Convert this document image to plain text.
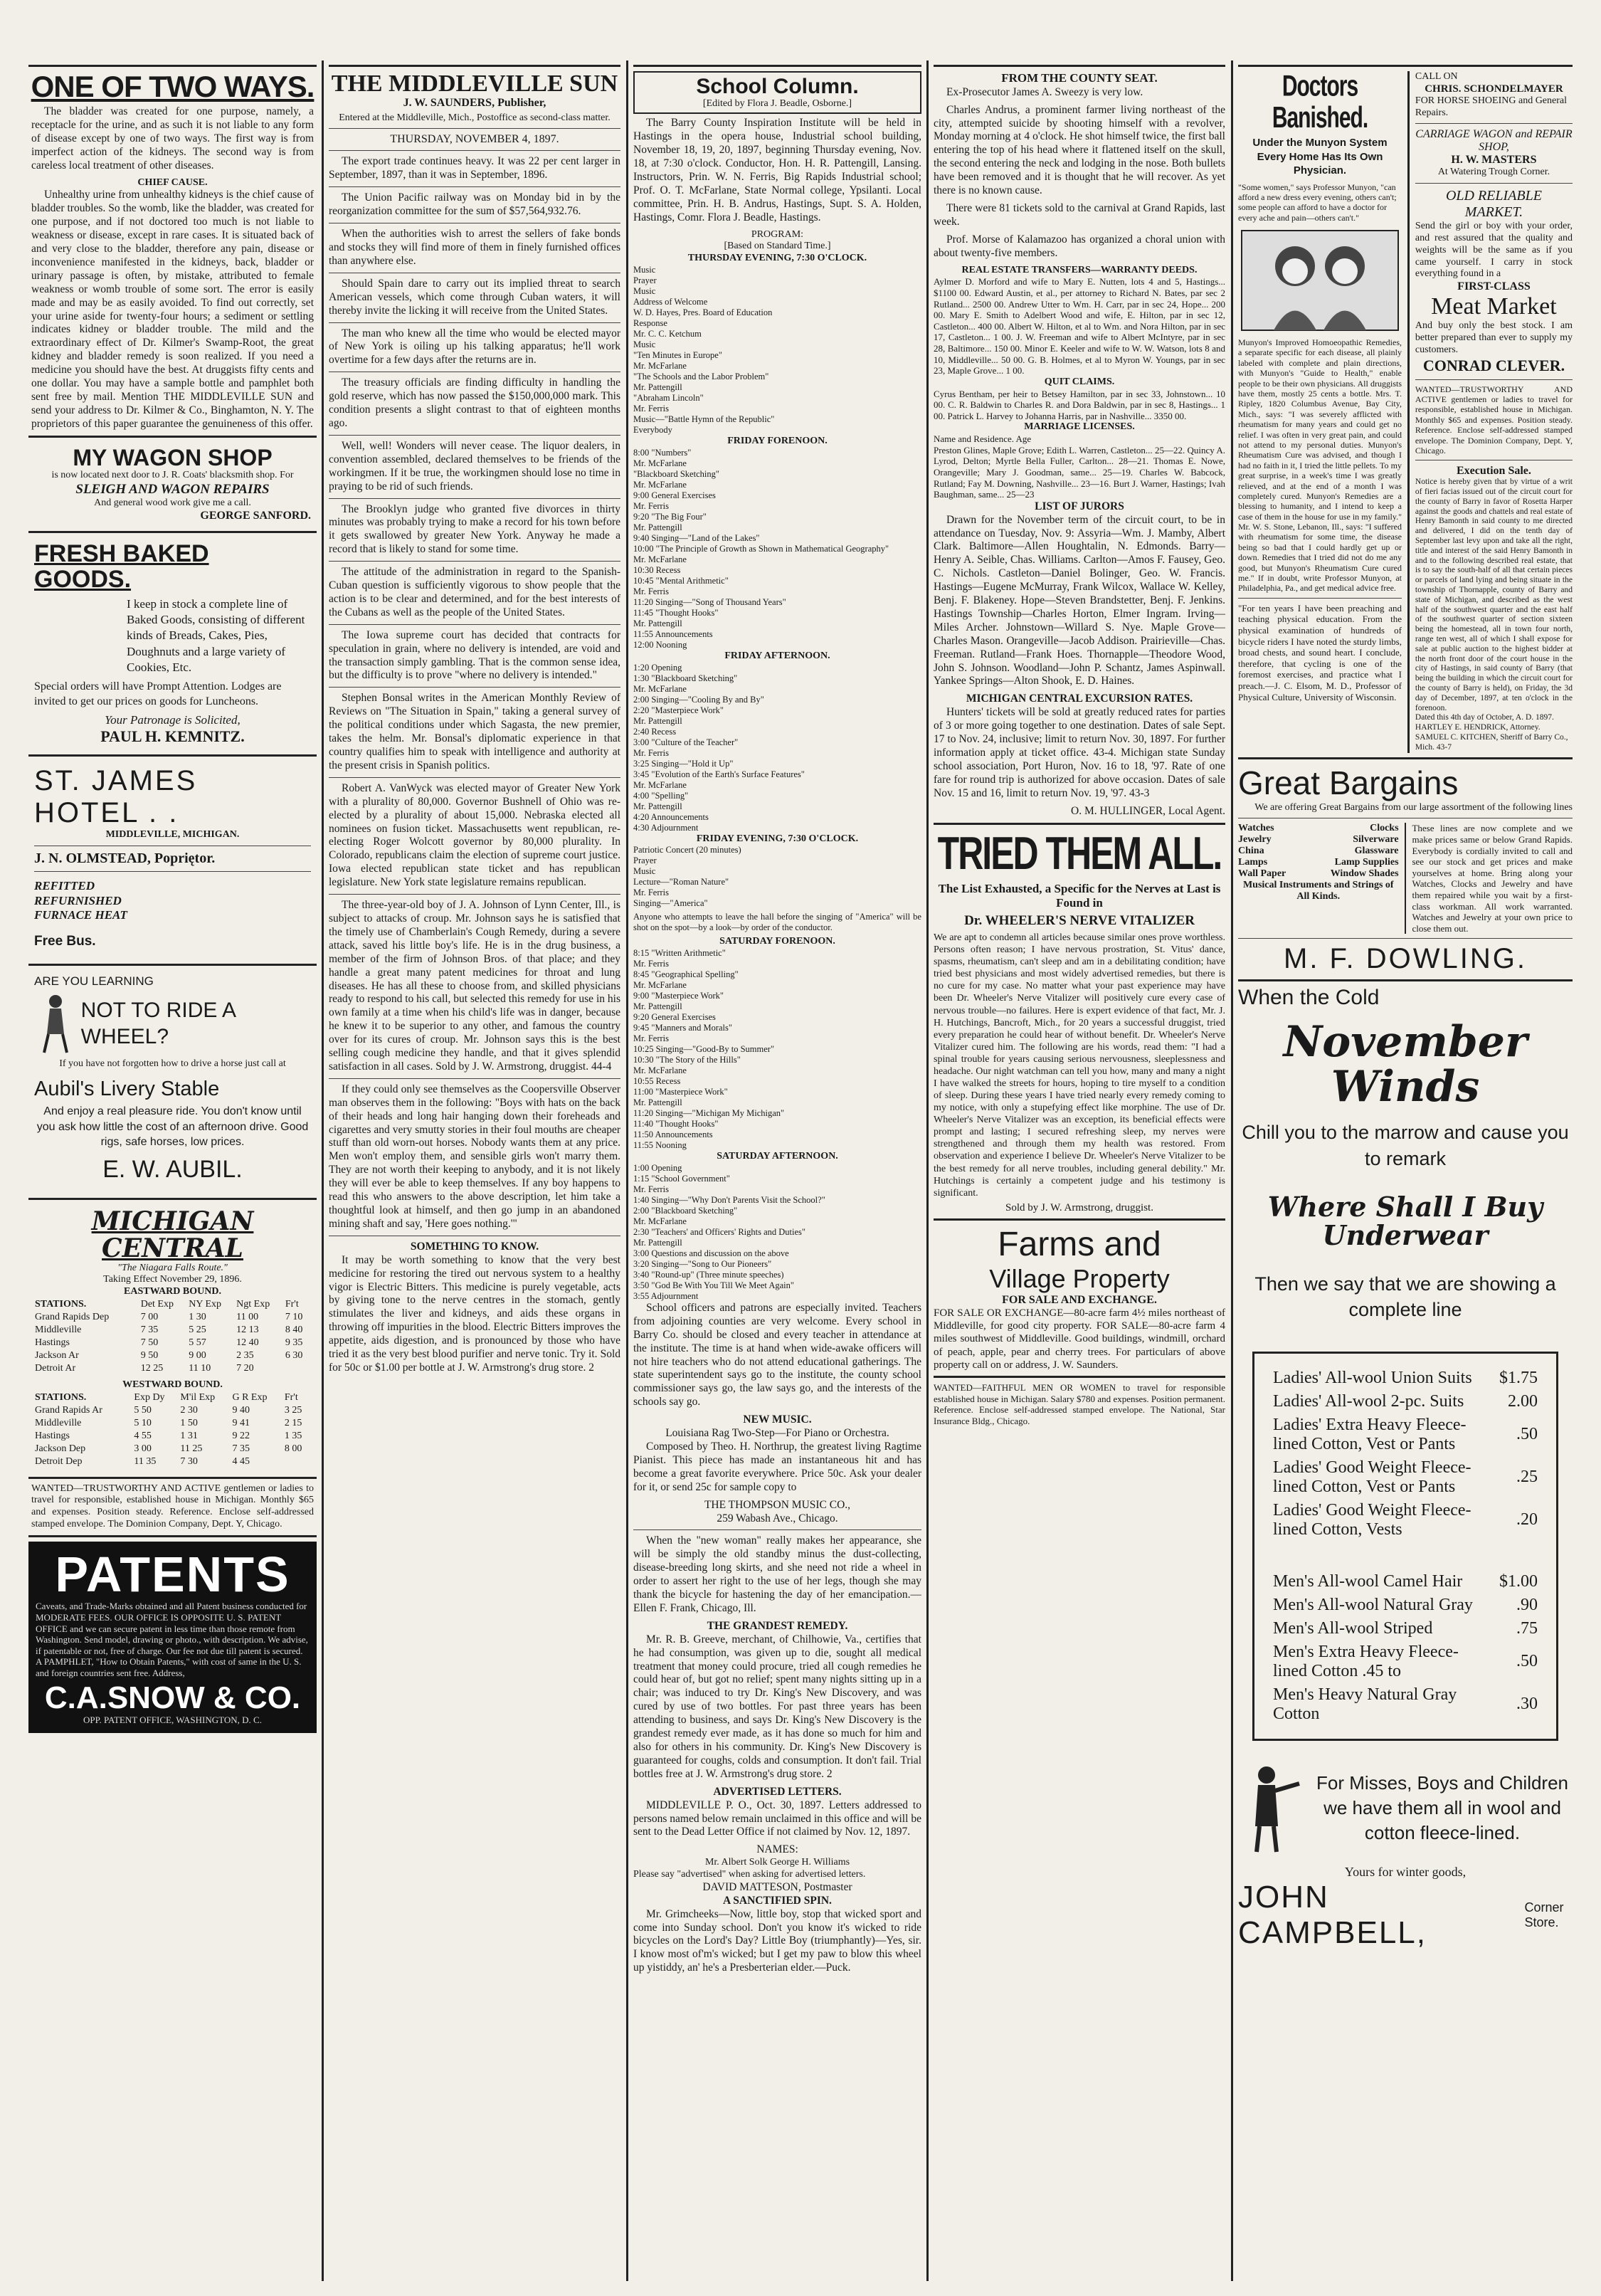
ONE OF TWO WAYS.

The bladder was created for one purpose, namely, a receptacle for the urine, and as such it is not liable to any form of disease except by one of two ways. The first way is from imperfect action of the kidneys. The second way is from careless local treatment of other diseases.

CHIEF CAUSE.

Unhealthy urine from unhealthy kidneys is the chief cause of bladder troubles. So the womb, like the bladder, was created for one purpose, and if not doctored too much is not liable to weakness or disease, except in rare cases. It is situated back of and very close to the bladder, therefore any pain, disease or inconvenience manifested in the kidneys, back, bladder or urinary passage is often, by mistake, attributed to female weakness or womb trouble of some sort. The error is easily made and may be as easily avoided. To find out correctly, set your urine aside for twenty-four hours; a sediment or settling indicates kidney or bladder trouble. The mild and the extraordinary effect of Dr. Kilmer's Swamp-Root, the great kidney and bladder remedy is soon realized. If you need a medicine you should have the best. At druggists fifty cents and one dollar. You may have a sample bottle and pamphlet both sent free by mail. Mention THE MIDDLEVILLE SUN and send your address to Dr. Kilmer & Co., Binghamton, N. Y. The proprietors of this paper guarantee the genuineness of this offer.

MY WAGON SHOP
is now located next door to J. R. Coats' blacksmith shop. For
SLEIGH AND WAGON REPAIRS
And general wood work give me a call.
GEORGE SANFORD.
FRESH BAKED GOODS.
I keep in stock a complete line of Baked Goods, consisting of different kinds of Breads, Cakes, Pies, Doughnuts and a large variety of Cookies, Etc.
Special orders will have Prompt Attention. Lodges are invited to get our prices on goods for Luncheons.
Your Patronage is Solicited,
PAUL H. KEMNITZ.
ST. JAMES
HOTEL . .
MIDDLEVILLE, MICHIGAN.
J. N. OLMSTEAD, Popriętor.
REFITTED
REFURNISHED
FURNACE HEAT
Free Bus.
ARE YOU LEARNING
NOT TO RIDE A WHEEL?
If you have not forgotten how to drive a horse just call at
Aubil's Livery Stable
And enjoy a real pleasure ride. You don't know until you ask how little the cost of an afternoon drive. Good rigs, safe horses, low prices.
E. W. AUBIL.
MICHIGAN CENTRAL
"The Niagara Falls Route."
Taking Effect November 29, 1896.
EASTWARD BOUND.
STATIONS.	Det Exp	NY Exp	Ngt Exp	Fr't
Grand Rapids Dep	7 00	1 30	11 00	7 10
Middleville	7 35	5 25	12 13	8 40
Hastings	7 50	5 57	12 40	9 35
Jackson Ar	9 50	9 00	2 35	6 30
Detroit Ar	12 25	11 10	7 20	
WESTWARD BOUND.
STATIONS.	Exp Dy	M'il Exp	G R Exp	Fr't
Grand Rapids Ar	5 50	2 30	9 40	3 25
Middleville	5 10	1 50	9 41	2 15
Hastings	4 55	1 31	9 22	1 35
Jackson Dep	3 00	11 25	7 35	8 00
Detroit Dep	11 35	7 30	4 45	
WANTED—TRUSTWORTHY AND ACTIVE gentlemen or ladies to travel for responsible, established house in Michigan. Monthly $65 and expenses. Position steady. Reference. Enclose self-addressed stamped envelope. The Dominion Company, Dept. Y, Chicago.
PATENTS
Caveats, and Trade-Marks obtained and all Patent business conducted for MODERATE FEES. OUR OFFICE IS OPPOSITE U. S. PATENT OFFICE and we can secure patent in less time than those remote from Washington. Send model, drawing or photo., with description. We advise, if patentable or not, free of charge. Our fee not due till patent is secured. A PAMPHLET, "How to Obtain Patents," with cost of same in the U. S. and foreign countries sent free. Address,
C.A.SNOW & CO.
OPP. PATENT OFFICE, WASHINGTON, D. C.
THE MIDDLEVILLE SUN
J. W. SAUNDERS, Publisher,
Entered at the Middleville, Mich., Postoffice as second-class matter.
THURSDAY, NOVEMBER 4, 1897.

The export trade continues heavy. It was 22 per cent larger in September, 1897, than it was in September, 1896.

The Union Pacific railway was on Monday bid in by the reorganization committee for the sum of $57,564,932.76.

When the authorities wish to arrest the sellers of fake bonds and stocks they will find more of them in finely furnished offices than anywhere else.

Should Spain dare to carry out its implied threat to search American vessels, which come through Cuban waters, it will thereby invite the licking it will receive from the United States.

The man who knew all the time who would be elected mayor of New York is oiling up his talking apparatus; he'll work overtime for a few days after the returns are in.

The treasury officials are finding difficulty in handling the gold reserve, which has now passed the $150,000,000 mark. This condition presents a slight contrast to that of eighteen months ago.

Well, well! Wonders will never cease. The liquor dealers, in convention assembled, declared themselves to be friends of the workingmen. If it be true, the workingmen should lose no time in praying to be rid of such friends.

The Brooklyn judge who granted five divorces in thirty minutes was probably trying to make a record for his town before it gets swallowed by greater New York. Anyway he made a record that is likely to stand for some time.

The attitude of the administration in regard to the Spanish-Cuban question is sufficiently vigorous to show people that the action is to be clear and determined, and for the best interests of the Cubans as well as the people of the United States.

The Iowa supreme court has decided that contracts for speculation in grain, where no delivery is intended, are void and the transaction simply gambling. That is the common sense idea, but the difficulty is to prove "where no delivery is intended."

Stephen Bonsal writes in the American Monthly Review of Reviews on "The Situation in Spain," taking a general survey of the political conditions under which Sagasta, the new premier, takes the helm. Mr. Bonsal's diplomatic experience in that country qualifies him to speak with intelligence and authority at the present crisis in Spanish politics.

Robert A. VanWyck was elected mayor of Greater New York with a plurality of 80,000. Governor Bushnell of Ohio was re-elected by a plurality of about 15,000. Nebraska elected all nominees on fusion ticket. Massachusetts went republican, re-electing Roger Wolcott governor by 80,000 plurality. In Colorado, republicans claim the election of supreme court justice. Iowa elected republican state ticket and has republican legislature. New York state legislature remains republican.

The three-year-old boy of J. A. Johnson of Lynn Center, Ill., is subject to attacks of croup. Mr. Johnson says he is satisfied that the timely use of Chamberlain's Cough Remedy, during a severe attack, saved his little boy's life. He is in the drug business, a member of the firm of Johnson Bros. of that place; and they handle a great many patent medicines for throat and lung diseases. He has all these to choose from, and skilled physicians ready to respond to his call, but selected this remedy for use in his own family at a time when his child's life was in danger, because he knew it to be superior to any other, and famous the country over for its cures of croup. Mr. Johnson says this is the best selling cough medicine they handle, and that it gives splendid satisfaction in all cases. Sold by J. W. Armstrong, druggist. 44-4

If they could only see themselves as the Coopersville Observer man observes them in the following: "Boys with hats on the back of their heads and long hair hanging down their foreheads and cigarettes and very smutty stories in their foul mouths are cheaper stuff than old worn-out horses. Nobody wants them at any price. Men won't employ them, and sensible girls won't marry them. They are not worth their keeping to anybody, and it is not likely they will ever be able to keep themselves. If any boy happens to read this who answers to the above description, let him take a thoughtful look at himself, and then go jump in an abandoned mining shaft and say, 'Here goes nothing.'"

SOMETHING TO KNOW.

It may be worth something to know that the very best medicine for restoring the tired out nervous system to a healthy vigor is Electric Bitters. This medicine is purely vegetable, acts by giving tone to the nerve centres in the stomach, gently stimulates the liver and kidneys, and aids these organs in throwing off impurities in the blood. Electric Bitters improves the appetite, aids digestion, and is pronounced by those who have tried it as the very best blood purifier and nerve tonic. Try it. Sold for 50c or $1.00 per bottle at J. W. Armstrong's drug store. 2

School Column.
[Edited by Flora J. Beadle, Osborne.]

The Barry County Inspiration Institute will be held in Hastings in the opera house, Industrial school building, November 18, 19, 20, 1897, beginning Thursday evening, Nov. 18, at 7:30 o'clock. Conductor, Hon. H. R. Pattengill, Lansing. Instructors, Prin. W. N. Ferris, Big Rapids Industrial school; Prof. O. T. McFarlane, State Normal college, Ypsilanti. Local committee, Prin. H. B. Andrus, Hastings, Supt. S. A. Holden, Hastings, Comr. Flora J. Beadle, Hastings.

PROGRAM:
[Based on Standard Time.]
THURSDAY EVENING, 7:30 O'CLOCK.
Music
Prayer
Music
Address of Welcome
W. D. Hayes, Pres. Board of Education
Response
Mr. C. C. Ketchum
Music
"Ten Minutes in Europe"
Mr. McFarlane
"The Schools and the Labor Problem"
Mr. Pattengill
"Abraham Lincoln"
Mr. Ferris
Music—"Battle Hymn of the Republic"
Everybody
FRIDAY FORENOON.
8:00 "Numbers"
Mr. McFarlane
"Blackboard Sketching"
Mr. McFarlane
9:00 General Exercises
Mr. Ferris
9:20 "The Big Four"
Mr. Pattengill
9:40 Singing—"Land of the Lakes"
10:00 "The Principle of Growth as Shown in Mathematical Geography"
Mr. McFarlane
10:30 Recess
10:45 "Mental Arithmetic"
Mr. Ferris
11:20 Singing—"Song of Thousand Years"
11:45 "Thought Hooks"
Mr. Pattengill
11:55 Announcements
12:00 Nooning
FRIDAY AFTERNOON.
1:20 Opening
1:30 "Blackboard Sketching"
Mr. McFarlane
2:00 Singing—"Cooling By and By"
2:20 "Masterpiece Work"
Mr. Pattengill
2:40 Recess
3:00 "Culture of the Teacher"
Mr. Ferris
3:25 Singing—"Hold it Up"
3:45 "Evolution of the Earth's Surface Features"
Mr. McFarlane
4:00 "Spelling"
Mr. Pattengill
4:20 Announcements
4:30 Adjournment
FRIDAY EVENING, 7:30 O'CLOCK.
Patriotic Concert (20 minutes)
Prayer
Music
Lecture—"Roman Nature"
Mr. Ferris
Singing—"America"
Anyone who attempts to leave the hall before the singing of "America" will be shot on the spot—by a look—by order of the conductor.
SATURDAY FORENOON.
8:15 "Written Arithmetic"
Mr. Ferris
8:45 "Geographical Spelling"
Mr. McFarlane
9:00 "Masterpiece Work"
Mr. Pattengill
9:20 General Exercises
9:45 "Manners and Morals"
Mr. Ferris
10:25 Singing—"Good-By to Summer"
10:30 "The Story of the Hills"
Mr. McFarlane
10:55 Recess
11:00 "Masterpiece Work"
Mr. Pattengill
11:20 Singing—"Michigan My Michigan"
11:40 "Thought Hooks"
11:50 Announcements
11:55 Nooning
SATURDAY AFTERNOON.
1:00 Opening
1:15 "School Government"
Mr. Ferris
1:40 Singing—"Why Don't Parents Visit the School?"
2:00 "Blackboard Sketching"
Mr. McFarlane
2:30 "Teachers' and Officers' Rights and Duties"
Mr. Pattengill
3:00 Questions and discussion on the above
3:20 Singing—"Song to Our Pioneers"
3:40 "Round-up" (Three minute speeches)
3:50 "God Be With You Till We Meet Again"
3:55 Adjournment

School officers and patrons are especially invited. Teachers from adjoining counties are very welcome. Every school in Barry Co. should be closed and every teacher in attendance at the institute. The time is at hand when wide-awake officers will not hire teachers who do not attend educational gatherings. The state superintendent says go to the institute, the county school commissioner says go, the law says go, and the interests of the schools say go.

NEW MUSIC.
Louisiana Rag Two-Step—For Piano or Orchestra.

Composed by Theo. H. Northrup, the greatest living Ragtime Pianist. This piece has made an instantaneous hit and has become a great favorite everywhere. Price 50c. Ask your dealer for it, or send 25c for sample copy to

THE THOMPSON MUSIC CO.,
259 Wabash Ave., Chicago.

When the "new woman" really makes her appearance, she will be simply the old standby minus the dust-collecting, disease-breeding long skirts, and she need not ride a wheel in order to assert her right to the use of her legs, though she may thank the bicycle for hastening the day of her emancipation.—Ellen F. Frank, Chicago, Ill.

THE GRANDEST REMEDY.

Mr. R. B. Greeve, merchant, of Chilhowie, Va., certifies that he had consumption, was given up to die, sought all medical treatment that money could procure, tried all cough remedies he could hear of, but got no relief; spent many nights sitting up in a chair; was induced to try Dr. King's New Discovery, and was cured by use of two bottles. For past three years has been attending to business, and says Dr. King's New Discovery is the grandest remedy ever made, as it has done so much for him and also for others in his community. Dr. King's New Discovery is guaranteed for coughs, colds and consumption. It don't fail. Trial bottles free at J. W. Armstrong's drug store. 2

ADVERTISED LETTERS.

MIDDLEVILLE P. O., Oct. 30, 1897. Letters addressed to persons named below remain unclaimed in this office and will be sent to the Dead Letter Office if not claimed by Nov. 12, 1897.

NAMES:
Mr. Albert Solk George H. Williams
Please say "advertised" when asking for advertised letters.
DAVID MATTESON, Postmaster
A SANCTIFIED SPIN.

Mr. Grimcheeks—Now, little boy, stop that wicked sport and come into Sunday school. Don't you know it's wicked to ride bicycles on the Lord's Day? Little Boy (triumphantly)—Yes, sir. I know most of'm's wicked; but I get my paw to blow this wheel up yistiddy, an' he's a Presberterian elder.—Puck.

FROM THE COUNTY SEAT.

Ex-Prosecutor James A. Sweezy is very low.

Charles Andrus, a prominent farmer living northeast of the city, attempted suicide by shooting himself with a revolver, Monday morning at 4 o'clock. He shot himself twice, the first ball entering the top of his head where it flattened itself on the skull, the second entering the neck and lodging in the nose. Both bullets have been removed and it is thought that he will recover. As yet there is no known cause.

There were 81 tickets sold to the carnival at Grand Rapids, last week.

Prof. Morse of Kalamazoo has organized a choral union with about twenty-five members.

REAL ESTATE TRANSFERS—WARRANTY DEEDS.
Aylmer D. Morford and wife to Mary E. Nutten, lots 4 and 5, Hastings... $1100 00. Edward Austin, et al., per attorney to Richard N. Bates, par sec 2 Rutland... 2500 00. Andrew Utter to Wm. H. Carr, par in sec 24, Hope... 200 00. Mary E. Smith to Adelbert Wood and wife, E. Hilton, par in sec 12, Castleton... 400 00. Albert W. Hilton, et al to Wm. and Nora Hilton, par in sec 17, Castleton... 1 00. J. W. Freeman and wife to Albert McIntyre, par in sec 28, Baltimore... 150 00. Minor E. Keeler and wife to W. W. Watson, lots 8 and 10, Middleville... 50 00. G. B. Holmes, et al to Myron W. Youngs, par in sec 23, Maple Grove... 1 00.
QUIT CLAIMS.
Cyrus Bentham, per heir to Betsey Hamilton, par in sec 33, Johnstown... 10 00. C. R. Baldwin to Charles R. and Dora Baldwin, par in sec 8, Hastings... 1 00. Patrick L. Harvey to Johanna Harris, par in Nashville... 3350 00.
MARRIAGE LICENSES.
Name and Residence. Age
Preston Glines, Maple Grove; Edith L. Warren, Castleton... 25—22. Quincy A. Lyrod, Delton; Myrtle Bella Fuller, Carlton... 28—21. Thomas E. Nowe, Orangeville; Mary J. Goodman, same... 25—19. Charles W. Babcock, Rutland; Fay M. Downing, Nashville... 23—16. Burt J. Warner, Hastings; Ivah Baughman, same... 25—23
LIST OF JURORS

Drawn for the November term of the circuit court, to be in attendance on Tuesday, Nov. 9: Assyria—Wm. J. Mamby, Albert Clark. Baltimore—Allen Houghtalin, N. Edmonds. Barry—Henry A. Seible, Chas. Williams. Carlton—Amos F. Fausey, Geo. C. Nichols. Castleton—Daniel Bolinger, Geo. W. Francis. Hastings—Eugene McMurray, Frank Wilcox, Wallace W. Kelley, Benj. F. Blakeney. Hope—Steven Brandstetter, Benj. F. Jenkins. Hastings Township—Charles Horton, Elmer Ingram. Irving—Miles Archer. Johnstown—Willard S. Nye. Maple Grove—Charles Mason. Orangeville—Jacob Addison. Prairieville—Chas. Freeman. Rutland—Frank Hoes. Thornapple—Theodore Wood, John S. Johnson. Woodland—John P. Schantz, James Aspinwall. Yankee Springs—Alton Shook, E. D. Haines.

MICHIGAN CENTRAL EXCURSION RATES.

Hunters' tickets will be sold at greatly reduced rates for parties of 3 or more going together to one destination. Dates of sale Sept. 17 to Nov. 24, inclusive; limit to return Nov. 30, 1897. For further information apply at ticket office. 43-4. Michigan state Sunday school association, Port Huron, Nov. 16 to 18, '97. Rate of one fare for round trip is authorized for above occasion. Dates of sale Nov. 15 and 16, limit to return Nov. 19, '97. 43-3

O. M. HULLINGER, Local Agent.
TRIED THEM ALL.
The List Exhausted, a Specific for the Nerves at Last is Found in
Dr. WHEELER'S NERVE VITALIZER
We are apt to condemn all articles because similar ones prove worthless. Persons often reason; I have nervous prostration, St. Vitus' dance, spasms, rheumatism, can't sleep and am in a debilitating condition; have tried best physicians and most widely advertised remedies, but there is no cure for my case. No matter what your past experience may have been Dr. Wheeler's Nerve Vitalizer will positively cure every case of nervous trouble—no failures. Here is expert evidence of that fact, Mr. J. H. Hutchings, Bancroft, Mich., for 20 years a successful druggist, tried every preparation he could hear of without benefit. Dr. Wheeler's Nerve Vitalizer cured him. The following are his words, read them: "I had a spinal trouble for years causing serious nervousness, sleeplessness and headache. Our night watchman can tell you how, many and many a night I have walked the streets for hours, hoping to tire myself to a condition of sleep. During these years I have tried nearly every remedy coming to my notice, with only a stupefying effect like morphine. The use of Dr. Wheeler's Nerve Vitalizer was an exception, its beneficial effects were prompt and lasting; I secured refreshing sleep, my nerves were strengthened and through them my health was restored. From observation and experience I believe Dr. Wheeler's Nerve Vitalizer to be the best remedy for all nerve troubles, including general debility." Mr. Hutchings is certainly a competent judge and his testimony is significant.
Sold by J. W. Armstrong, druggist.
Farms and
Village Property
FOR SALE AND EXCHANGE.
FOR SALE OR EXCHANGE—80-acre farm 4½ miles northeast of Middleville, for good city property. FOR SALE—80-acre farm 4 miles southwest of Middleville. Good buildings, windmill, orchard of peach, apple, pear and cherry trees. For particulars of above property call on or address, J. W. Saunders.
WANTED—FAITHFUL MEN OR WOMEN to travel for responsible established house in Michigan. Salary $780 and expenses. Position permanent. Reference. Enclose self-addressed stamped envelope. The National, Star Insurance Bldg., Chicago.
Doctors Banished.
Under the Munyon System Every Home Has Its Own Physician.
"Some women," says Professor Munyon, "can afford a new dress every evening, others can't; some people can afford to have a doctor for every ache and pain—others can't."
Munyon's Improved Homoeopathic Remedies, a separate specific for each disease, all plainly labeled with complete and plain directions, with Munyon's "Guide to Health," enable people to be their own physicians. All druggists have them, mostly 25 cents a bottle. Mrs. T. Ripley, 1820 Columbus Avenue, Bay City, Mich., says: "I was severely afflicted with rheumatism for many years and could get no relief. I was often in very great pain, and could not attend to my personal duties. Munyon's Rheumatism Cure was advised, and though I had no faith in it, I tried the little pellets. To my great surprise, in a week's time I was greatly relieved, and at the end of a month I was completely cured. Munyon's Remedies are a blessing to humanity, and I intend to keep a case of them in the house for use in my family." Mr. W. S. Stone, Lebanon, Ill., says: "I suffered with rheumatism for some time, the disease being so bad that I could hardly get up or down. Remedies that I tried did not do me any good, but Munyon's Rheumatism Cure cured me." If in doubt, write Professor Munyon, at Philadelphia, Pa., and get medical advice free.
"For ten years I have been preaching and teaching physical education. From the physical examination of hundreds of bicycle riders I have noted the sturdy limbs, broad chests, and sound heart. I conclude, therefore, that cycling is one of the foremost exercises, and practice what I preach.—J. C. Elsom, M. D., Professor of Physical Culture, University of Wisconsin.
CALL ON
CHRIS. SCHONDELMAYER
FOR HORSE SHOEING and General Repairs.
CARRIAGE WAGON and REPAIR SHOP,
H. W. MASTERS
At Watering Trough Corner.
OLD RELIABLE MARKET.
Send the girl or boy with your order, and rest assured that the quality and weights will be the same as if you came yourself. I carry in stock everything found in a
FIRST-CLASS
Meat Market
And buy only the best stock. I am better prepared than ever to supply my customers.
CONRAD CLEVER.
WANTED—TRUSTWORTHY AND ACTIVE gentlemen or ladies to travel for responsible, established house in Michigan. Monthly $65 and expenses. Position steady. Reference. Enclose self-addressed stamped envelope. The Dominion Company, Dept. Y, Chicago.
Execution Sale.
Notice is hereby given that by virtue of a writ of fieri facias issued out of the circuit court for the county of Barry in favor of Rosetta Harper against the goods and chattels and real estate of Henry Bamonth in said county to me directed and delivered, I did on the tenth day of September last levy upon and take all the right, title and interest of the said Henry Bamonth in and to the following described real estate, that is to say the south-half of all that certain pieces or parcels of land lying and being situate in the township of Thornapple, county of Barry and state of Michigan, and described as the west half of the southwest quarter and the east half of the southwest quarter of section sixteen being the homestead, all in town four north, range ten west, all of which I shall expose for sale at public auction to the highest bidder at the north front door of the court house in the city of Hastings, in said county of Barry (that being the building in which the circuit court for the county of Barry is held), on Friday, the 3d day of December, 1897, at ten o'clock in the forenoon.
Dated this 4th day of October, A. D. 1897.
HARTLEY E. HENDRICK, Attorney. SAMUEL C. KITCHEN, Sheriff of Barry Co., Mich. 43-7
Great Bargains
We are offering Great Bargains from our large assortment of the following lines
Watches	Clocks
Jewelry	Silverware
China	Glassware
Lamps	Lamp Supplies
Wall Paper	Window Shades
Musical Instruments and Strings of All Kinds.
These lines are now complete and we make prices same or below Grand Rapids. Everybody is cordially invited to call and see our stock and get prices and make yourselves at home. Bring along your Watches, Clocks and Jewelry and have them repaired while you wait by a first-class workman. All work warranted. Watches and Jewelry at your own price to close them out.
M. F. DOWLING.
When the Cold
November Winds
Chill you to the marrow and cause you to remark
Where Shall I Buy Underwear
Then we say that we are showing a complete line
Ladies' All-wool Union Suits	$1.75
Ladies' All-wool 2-pc. Suits	2.00
Ladies' Extra Heavy Fleece-lined Cotton, Vest or Pants	.50
Ladies' Good Weight Fleece-lined Cotton, Vest or Pants	.25
Ladies' Good Weight Fleece-lined Cotton, Vests	.20
Men's All-wool Camel Hair	$1.00
Men's All-wool Natural Gray	.90
Men's All-wool Striped	.75
Men's Extra Heavy Fleece-lined Cotton .45 to	.50
Men's Heavy Natural Gray Cotton	.30
For Misses, Boys and Children we have them all in wool and cotton fleece-lined.
Yours for winter goods,
JOHN CAMPBELL,
Corner Store.
